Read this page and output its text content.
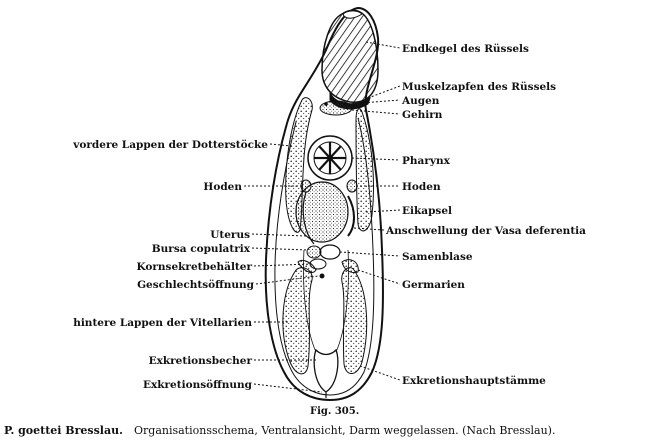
Endkegel des Rüssels
Muskelzapfen des Rüssels
Augen
Gehirn
Pharynx
Hoden
Eikapsel
Anschwellung der Vasa deferentia
Samenblase
Germarien
Exkretionshauptstämme
vordere Lappen der Dotterstöcke
Hoden
Uterus
Bursa copulatrix
Kornsekretbehälter
Geschlechtsöffnung
hintere Lappen der Vitellarien
Exkretionsbecher
Exkretionsöffnung
Fig. 305.
P. goettei Bresslau. Organisationsschema, Ventralansicht, Darm weggelassen. (Nach Bresslau).
